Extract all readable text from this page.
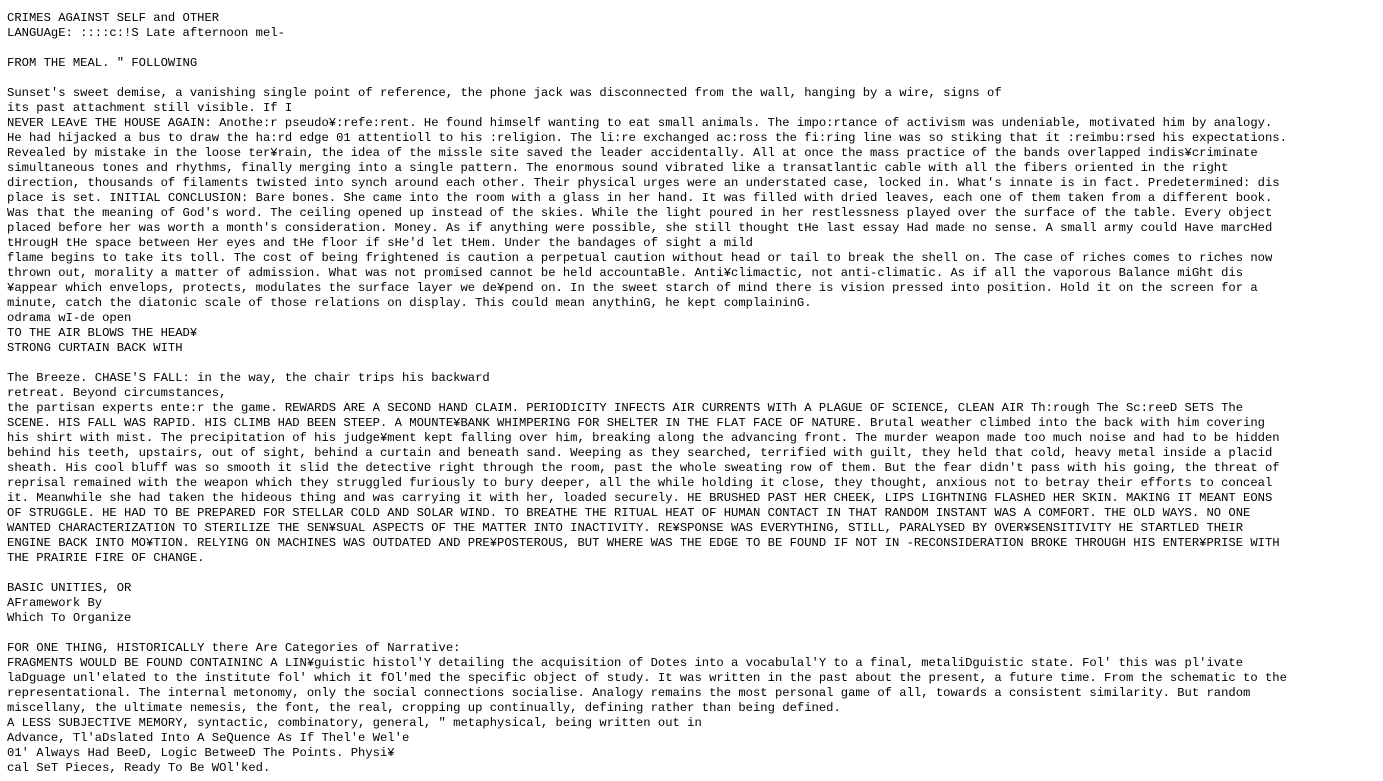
CRIMES AGAINST SELF and OTHER
LANGUAgE: ::::c:!S Late afternoon mel-
FROM THE MEAL. " FOLLOWING
Sunset's sweet demise, a vanishing single point of reference, the phone jack was disconnected from the wall, hanging by a wire, signs of
its past attachment still visible. If I
NEVER LEAvE THE HOUSE AGAIN: Anothe:r pseudo¥:refe:rent. He found himself wanting to eat small animals. The impo:rtance of activism was undeniable, motivated him by analogy.
He had hijacked a bus to draw the ha:rd edge 01 attentioll to his :religion. The li:re exchanged ac:ross the fi:ring line was so stiking that it :reimbu:rsed his expectations.
Revealed by mistake in the loose ter¥rain, the idea of the missle site saved the leader accidentally. All at once the mass practice of the bands overlapped indis¥criminate
simultaneous tones and rhythms, finally merging into a single pattern. The enormous sound vibrated like a transatlantic cable with all the fibers oriented in the right
direction, thousands of filaments twisted into synch around each other. Their physical urges were an understated case, locked in. What's innate is in fact. Predetermined: dis
place is set. INITIAL CONCLUSION: Bare bones. She came into the room with a glass in her hand. It was filled with dried leaves, each one of them taken from a different book.
Was that the meaning of God's word. The ceiling opened up instead of the skies. While the light poured in her restlessness played over the surface of the table. Every object
placed before her was worth a month's consideration. Money. As if anything were possible, she still thought tHe last essay Had made no sense. A small army could Have marcHed
tHrougH tHe space between Her eyes and tHe floor if sHe'd let tHem. Under the bandages of sight a mild
flame begins to take its toll. The cost of being frightened is caution a perpetual caution without head or tail to break the shell on. The case of riches comes to riches now
thrown out, morality a matter of admission. What was not promised cannot be held accountaBle. Anti¥climactic, not anti-climatic. As if all the vaporous Balance miGht dis
¥appear which envelops, protects, modulates the surface layer we de¥pend on. In the sweet starch of mind there is vision pressed into position. Hold it on the screen for a
minute, catch the diatonic scale of those relations on display. This could mean anythinG, he kept complaininG.
odrama wI-de open
TO THE AIR BLOWS THE HEAD¥
STRONG CURTAIN BACK WITH
The Breeze. CHASE'S FALL: in the way, the chair trips his backward
retreat. Beyond circumstances,
the partisan experts ente:r the game. REWARDS ARE A SECOND HAND CLAIM. PERIODICITY INFECTS AIR CURRENTS WITh A PLAGUE OF SCIENCE, CLEAN AIR Th:rough The Sc:reeD SETS The
SCENE. HIS FALL WAS RAPID. HIS CLIMB HAD BEEN STEEP. A MOUNTE¥BANK WHIMPERING FOR SHELTER IN THE FLAT FACE OF NATURE. Brutal weather climbed into the back with him covering
his shirt with mist. The precipitation of his judge¥ment kept falling over him, breaking along the advancing front. The murder weapon made too much noise and had to be hidden
behind his teeth, upstairs, out of sight, behind a curtain and beneath sand. Weeping as they searched, terrified with guilt, they held that cold, heavy metal inside a placid
sheath. His cool bluff was so smooth it slid the detective right through the room, past the whole sweating row of them. But the fear didn't pass with his going, the threat of
reprisal remained with the weapon which they struggled furiously to bury deeper, all the while holding it close, they thought, anxious not to betray their efforts to conceal
it. Meanwhile she had taken the hideous thing and was carrying it with her, loaded securely. HE BRUSHED PAST HER CHEEK, LIPS LIGHTNING FLASHED HER SKIN. MAKING IT MEANT EONS
OF STRUGGLE. HE HAD TO BE PREPARED FOR STELLAR COLD AND SOLAR WIND. TO BREATHE THE RITUAL HEAT OF HUMAN CONTACT IN THAT RANDOM INSTANT WAS A COMFORT. THE OLD WAYS. NO ONE
WANTED CHARACTERIZATION TO STERILIZE THE SEN¥SUAL ASPECTS OF THE MATTER INTO INACTIVITY. RE¥SPONSE WAS EVERYTHING, STILL, PARALYSED BY OVER¥SENSITIVITY HE STARTLED THEIR
ENGINE BACK INTO MO¥TION. RELYING ON MACHINES WAS OUTDATED AND PRE¥POSTEROUS, BUT WHERE WAS THE EDGE TO BE FOUND IF NOT IN -RECONSIDERATION BROKE THROUGH HIS ENTER¥PRISE WITH
THE PRAIRIE FIRE OF CHANGE.
BASIC UNITIES, OR
AFramework By
Which To Organize
FOR ONE THING, HISTORICALLY there Are Categories of Narrative:
FRAGMENTS WOULD BE FOUND CONTAININC A LIN¥guistic histol'Y detailing the acquisition of Dotes into a vocabulal'Y to a final, metaliDguistic state. Fol' this was pl'ivate
laDguage unl'elated to the institute fol' which it fOl'med the specific object of study. It was written in the past about the present, a future time. From the schematic to the
representational. The internal metonomy, only the social connections socialise. Analogy remains the most personal game of all, towards a consistent similarity. But random
miscellany, the ultimate nemesis, the font, the real, cropping up continually, defining rather than being defined.
A LESS SUBJECTIVE MEMORY, syntactic, combinatory, general, " metaphysical, being written out in
Advance, Tl'aDslated Into A SeQuence As If Thel'e Wel'e
01' Always Had BeeD, Logic BetweeD The Points. Physi¥
cal SeT Pieces, Ready To Be WOl'ked.
